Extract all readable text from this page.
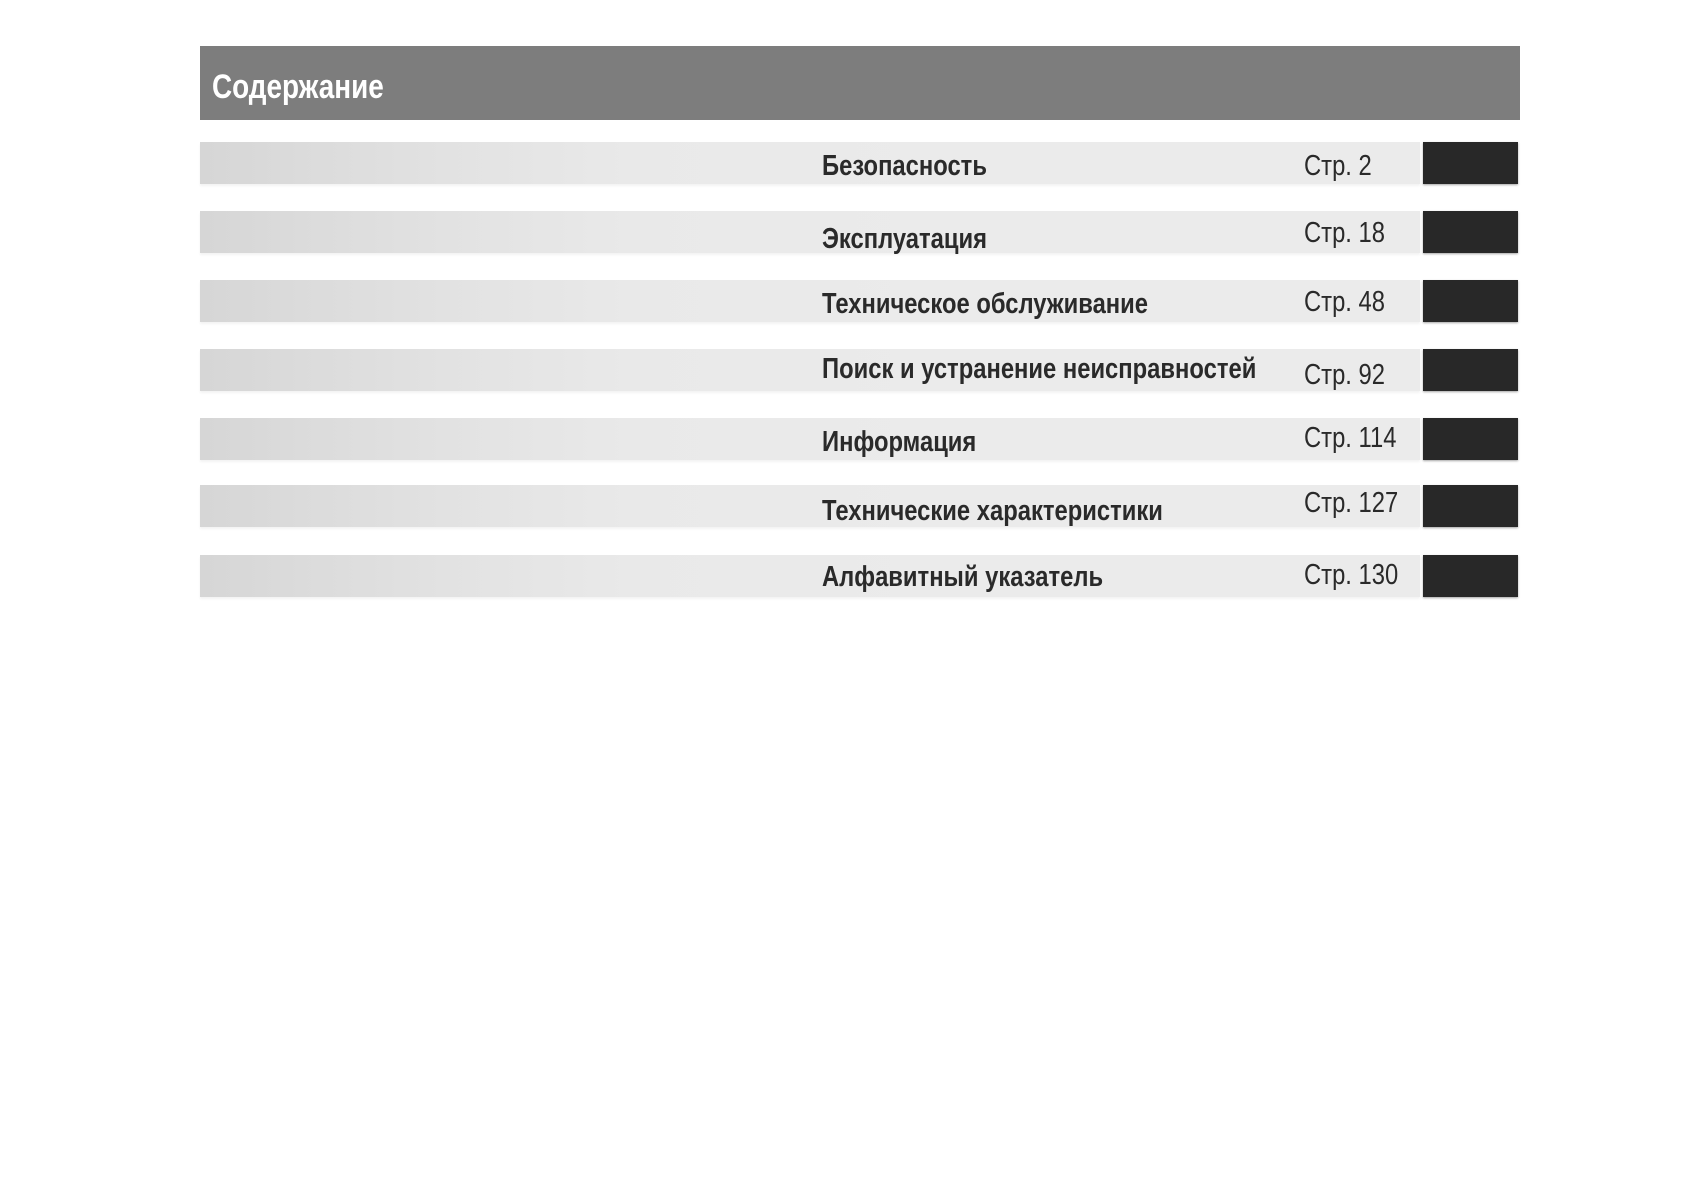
Содержание
Безопасность	Стр. 2
Эксплуатация	Стр. 18
Техническое обслуживание	Стр. 48
Поиск и устранение неисправностей Стр. 92
Информация	Стр. 114
Технические характеристики	Стр. 127
Алфавитный указатель	Стр. 130
